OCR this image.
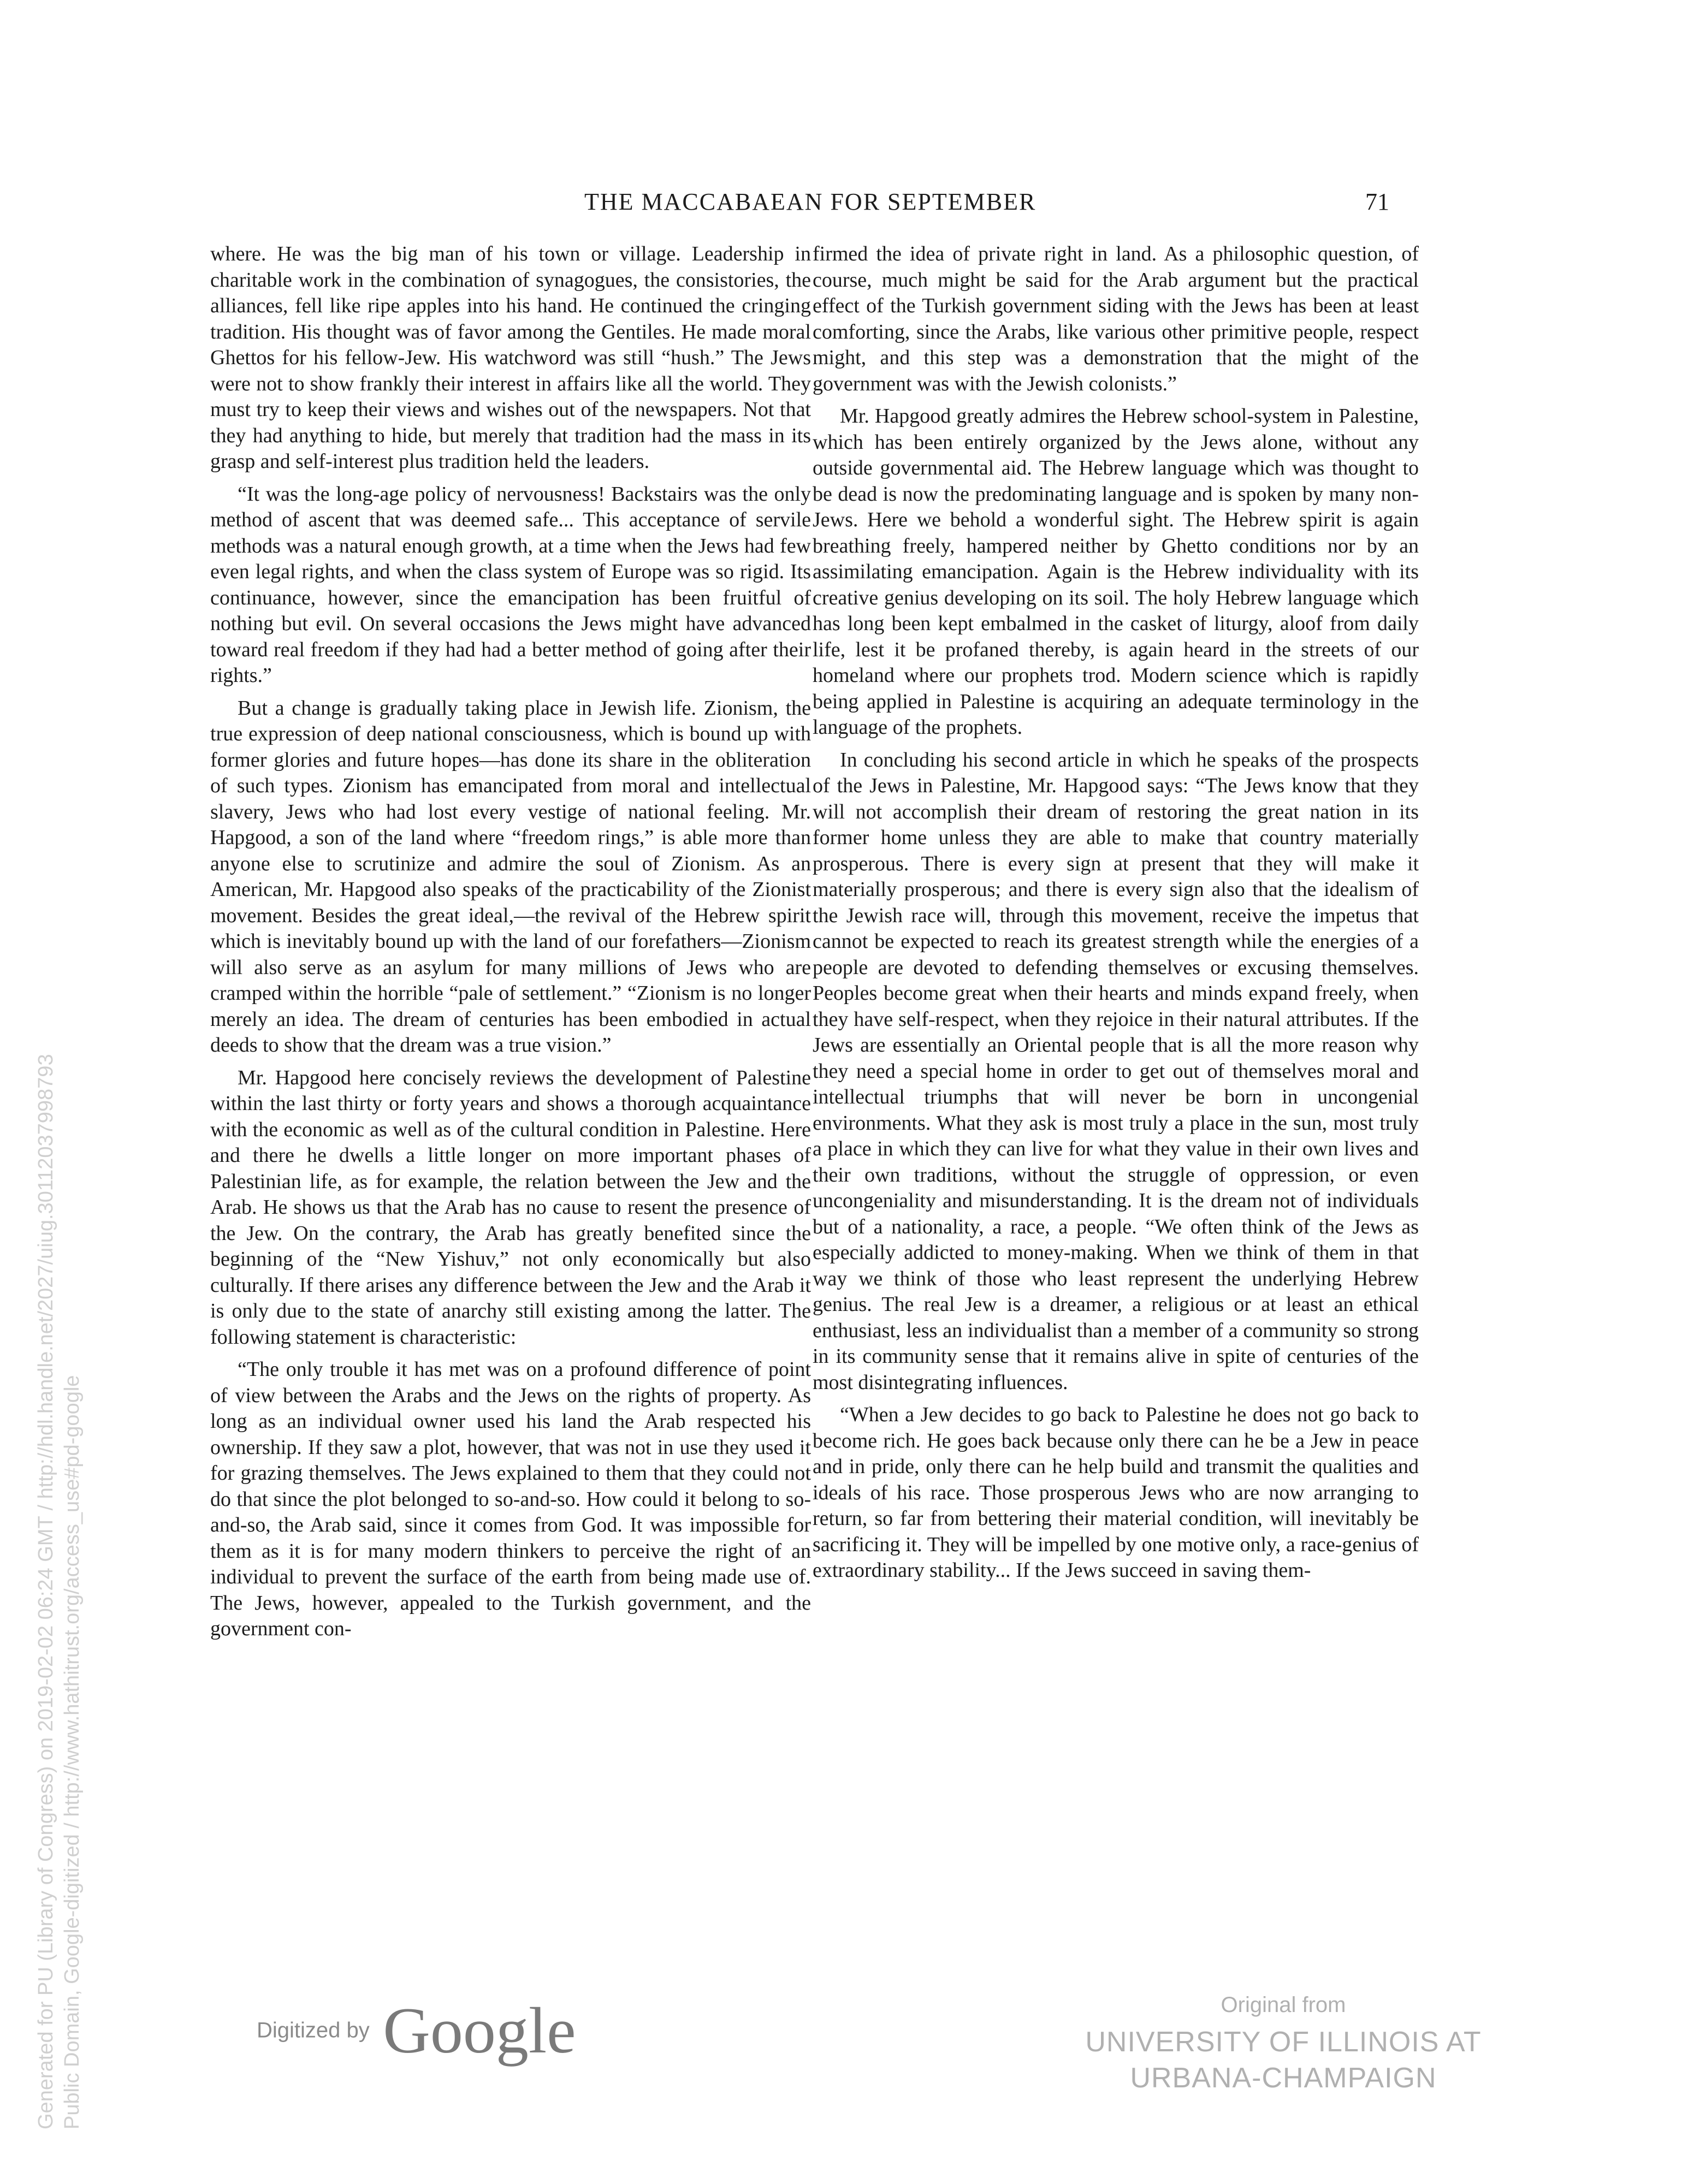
THE MACCABAEAN FOR SEPTEMBER	71

where. He was the big man of his town or village. Leadership in charitable work in the combination of synagogues, the consistories, the alliances, fell like ripe apples into his hand. He continued the cringing tradition. His thought was of favor among the Gentiles. He made moral Ghettos for his fellow-Jew. His watchword was still “hush.” The Jews were not to show frankly their interest in affairs like all the world. They must try to keep their views and wishes out of the newspapers. Not that they had anything to hide, but merely that tradition had the mass in its grasp and self-interest plus tradition held the leaders.

“It was the long-age policy of nervousness! Backstairs was the only method of ascent that was deemed safe... This acceptance of servile methods was a natural enough growth, at a time when the Jews had few even legal rights, and when the class system of Europe was so rigid. Its continuance, however, since the emancipation has been fruitful of nothing but evil. On several occasions the Jews might have advanced toward real freedom if they had had a better method of going after their rights.”

But a change is gradually taking place in Jewish life. Zionism, the true expression of deep national consciousness, which is bound up with former glories and future hopes—has done its share in the obliteration of such types. Zionism has emancipated from moral and intellectual slavery, Jews who had lost every vestige of national feeling. Mr. Hapgood, a son of the land where “freedom rings,” is able more than anyone else to scrutinize and admire the soul of Zionism. As an American, Mr. Hapgood also speaks of the practicability of the Zionist movement. Besides the great ideal,—the revival of the Hebrew spirit which is inevitably bound up with the land of our forefathers—Zionism will also serve as an asylum for many millions of Jews who are cramped within the horrible “pale of settlement.” “Zionism is no longer merely an idea. The dream of centuries has been embodied in actual deeds to show that the dream was a true vision.”

Mr. Hapgood here concisely reviews the development of Palestine within the last thirty or forty years and shows a thorough acquaintance with the economic as well as of the cultural condition in Palestine. Here and there he dwells a little longer on more important phases of Palestinian life, as for example, the relation between the Jew and the Arab. He shows us that the Arab has no cause to resent the presence of the Jew. On the contrary, the Arab has greatly benefited since the beginning of the “New Yishuv,” not only economically but also culturally. If there arises any difference between the Jew and the Arab it is only due to the state of anarchy still existing among the latter. The following statement is characteristic:

“The only trouble it has met was on a profound difference of point of view between the Arabs and the Jews on the rights of property. As long as an individual owner used his land the Arab respected his ownership. If they saw a plot, however, that was not in use they used it for grazing themselves. The Jews explained to them that they could not do that since the plot belonged to so-and-so. How could it belong to so-and-so, the Arab said, since it comes from God. It was impossible for them as it is for many modern thinkers to perceive the right of an individual to prevent the surface of the earth from being made use of. The Jews, however, appealed to the Turkish government, and the government con-

firmed the idea of private right in land. As a philosophic question, of course, much might be said for the Arab argument but the practical effect of the Turkish government siding with the Jews has been at least comforting, since the Arabs, like various other primitive people, respect might, and this step was a demonstration that the might of the government was with the Jewish colonists.”

Mr. Hapgood greatly admires the Hebrew school-system in Palestine, which has been entirely organized by the Jews alone, without any outside governmental aid. The Hebrew language which was thought to be dead is now the predominating language and is spoken by many non-Jews. Here we behold a wonderful sight. The Hebrew spirit is again breathing freely, hampered neither by Ghetto conditions nor by an assimilating emancipation. Again is the Hebrew individuality with its creative genius developing on its soil. The holy Hebrew language which has long been kept embalmed in the casket of liturgy, aloof from daily life, lest it be profaned thereby, is again heard in the streets of our homeland where our prophets trod. Modern science which is rapidly being applied in Palestine is acquiring an adequate terminology in the language of the prophets.

In concluding his second article in which he speaks of the prospects of the Jews in Palestine, Mr. Hapgood says: “The Jews know that they will not accomplish their dream of restoring the great nation in its former home unless they are able to make that country materially prosperous. There is every sign at present that they will make it materially prosperous; and there is every sign also that the idealism of the Jewish race will, through this movement, receive the impetus that cannot be expected to reach its greatest strength while the energies of a people are devoted to defending themselves or excusing themselves. Peoples become great when their hearts and minds expand freely, when they have self-respect, when they rejoice in their natural attributes. If the Jews are essentially an Oriental people that is all the more reason why they need a special home in order to get out of themselves moral and intellectual triumphs that will never be born in uncongenial environments. What they ask is most truly a place in the sun, most truly a place in which they can live for what they value in their own lives and their own traditions, without the struggle of oppression, or even uncongeniality and misunderstanding. It is the dream not of individuals but of a nationality, a race, a people. “We often think of the Jews as especially addicted to money-making. When we think of them in that way we think of those who least represent the underlying Hebrew genius. The real Jew is a dreamer, a religious or at least an ethical enthusiast, less an individualist than a member of a community so strong in its community sense that it remains alive in spite of centuries of the most disintegrating influences.

“When a Jew decides to go back to Palestine he does not go back to become rich. He goes back because only there can he be a Jew in peace and in pride, only there can he help build and transmit the qualities and ideals of his race. Those prosperous Jews who are now arranging to return, so far from bettering their material condition, will inevitably be sacrificing it. They will be impelled by one motive only, a race-genius of extraordinary stability... If the Jews succeed in saving them-

Generated for PU (Library of Congress) on 2019-02-02 06:24 GMT / http://hdl.handle.net/2027/uiug.30112037998793 Public Domain, Google-digitized / http://www.hathitrust.org/access_use#pd-google	Digitized by Google	Original from
UNIVERSITY OF ILLINOIS AT
URBANA-CHAMPAIGN
